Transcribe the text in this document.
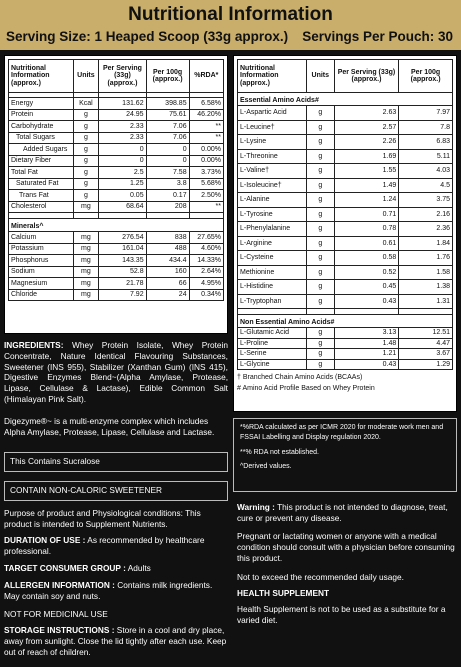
Nutritional Information
Serving Size: 1 Heaped Scoop (33g approx.) Servings Per Pouch: 30
Nutritional Information (approx.)	Units	Per Serving (33g) (approx.)	Per 100g (approx.)	%RDA*

Energy	Kcal	131.62	398.85	6.58%
Protein	g	24.95	75.61	46.20%
Carbohydrate	g	2.33	7.06	**
Total Sugars	g	2.33	7.06	**
Added Sugars	g	0	0	0.00%
Dietary Fiber	g	0	0	0.00%
Total Fat	g	2.5	7.58	3.73%
Saturated Fat	g	1.25	3.8	5.68%
Trans Fat	g	0.05	0.17	2.50%
Cholesterol	mg	68.64	208	**

Minerals^				
Calcium	mg	276.54	838	27.65%
Potassium	mg	161.04	488	4.60%
Phosphorus	mg	143.35	434.4	14.33%
Sodium	mg	52.8	160	2.64%
Magnesium	mg	21.78	66	4.95%
Chloride	mg	7.92	24	0.34%
Nutritional Information (approx.)	Units	Per Serving (33g) (approx.)	Per 100g (approx.)
Essential Amino Acids#			
L-Aspartic Acid	g	2.63	7.97
L-Leucine†	g	2.57	7.8
L-Lysine	g	2.26	6.83
L-Threonine	g	1.69	5.11
L-Valine†	g	1.55	4.03
L-Isoleucine†	g	1.49	4.5
L-Alanine	g	1.24	3.75
L-Tyrosine	g	0.71	2.16
L-Phenylalanine	g	0.78	2.36
L-Arginine	g	0.61	1.84
L-Cysteine	g	0.58	1.76
Methionine	g	0.52	1.58
L-Histidine	g	0.45	1.38
L-Tryptophan	g	0.43	1.31

Non Essential Amino Acids#			
L-Glutamic Acid	g	3.13	12.51
L-Proline	g	1.48	4.47
L-Serine	g	1.21	3.67
L-Glycine	g	0.43	1.29
† Branched Chain Amino Acids (BCAAs)
# Amino Acid Profile Based on Whey Protein
INGREDIENTS: Whey Protein Isolate, Whey Protein Concentrate, Nature Identical Flavouring Substances, Sweetener (INS 955), Stabilizer (Xanthan Gum) (INS 415), Digestive Enzymes Blend~(Alpha Amylase, Protease, Lipase, Cellulase & Lactase), Edible Common Salt (Himalayan Pink Salt).
Digezyme®~ is a multi-enzyme complex which includes Alpha Amylase, Protease, Lipase, Cellulase and Lactase.
This Contains Sucralose
CONTAIN NON-CALORIC SWEETENER
Purpose of product and Physiological conditions: This product is intended to Supplement Nutrients.
DURATION OF USE : As recommended by healthcare professional.
TARGET CONSUMER GROUP : Adults
ALLERGEN INFORMATION : Contains milk ingredients. May contain soy and nuts.
NOT FOR MEDICINAL USE
STORAGE INSTRUCTIONS : Store in a cool and dry place, away from sunlight. Close the lid tightly after each use. Keep out of reach of children.
*%RDA calculated as per ICMR 2020 for moderate work men and FSSAI Labelling and Display regulation 2020.
**% RDA not established.
^Derived values.
Warning : This product is not intended to diagnose, treat, cure or prevent any disease.
Pregnant or lactating women or anyone with a medical condition should consult with a physician before consuming this product.
Not to exceed the recommended daily usage.
HEALTH SUPPLEMENT
Health Supplement is not to be used as a substitute for a varied diet.
